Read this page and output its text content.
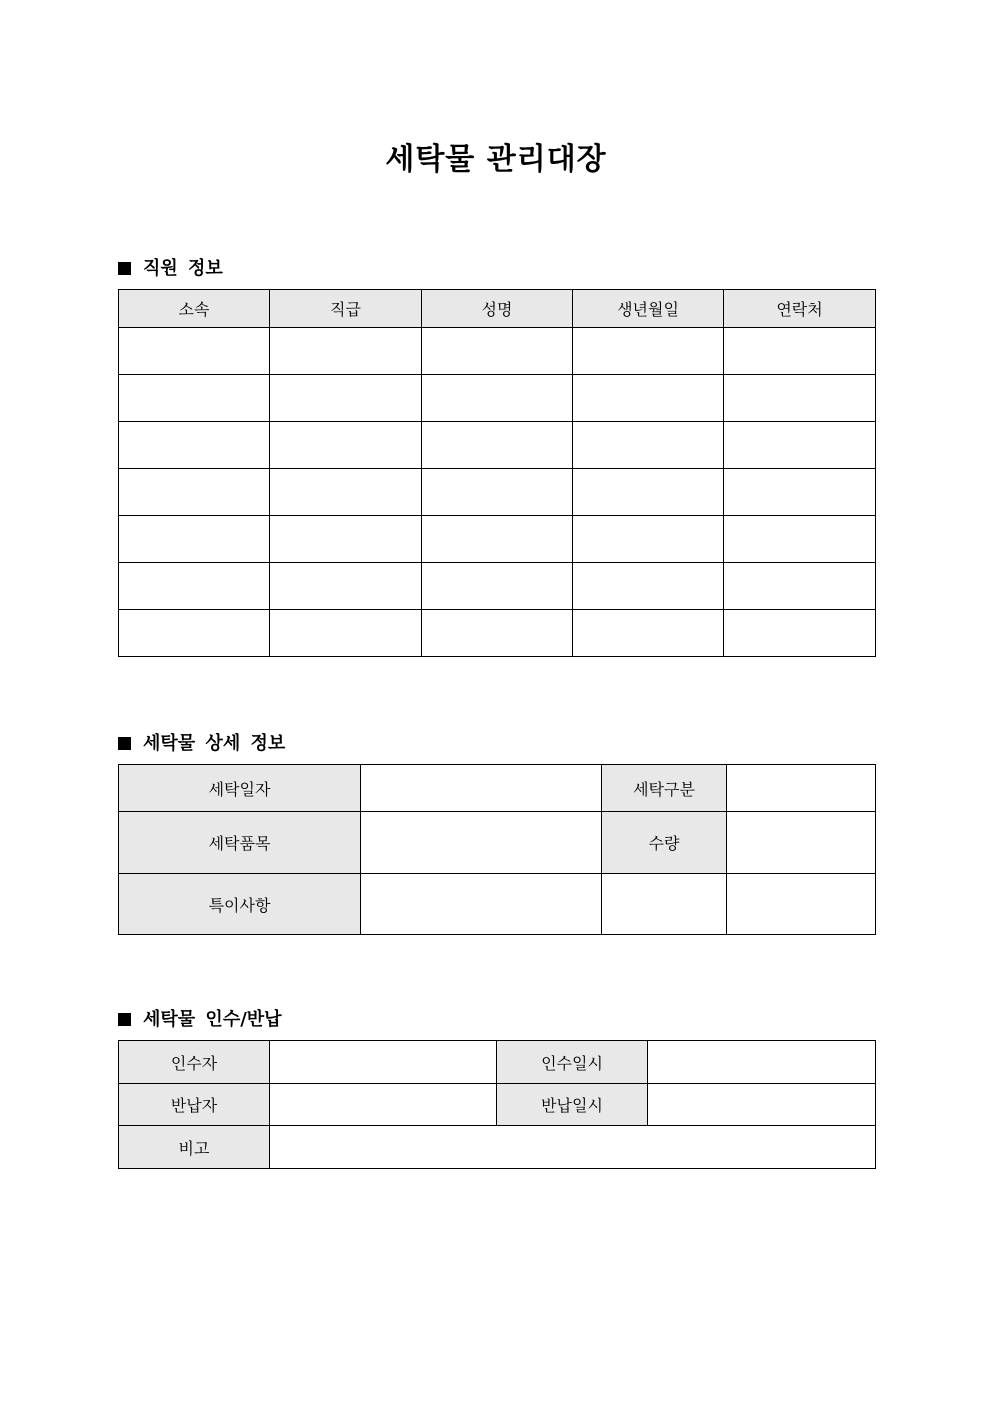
세탁물 관리대장
직원 정보
소속	직급	성명	생년월일	연락처

세탁물 상세 정보
세탁일자		세탁구분	
세탁품목		수량	
특이사항			
세탁물 인수/반납
인수자		인수일시	
반납자		반납일시	
비고			
